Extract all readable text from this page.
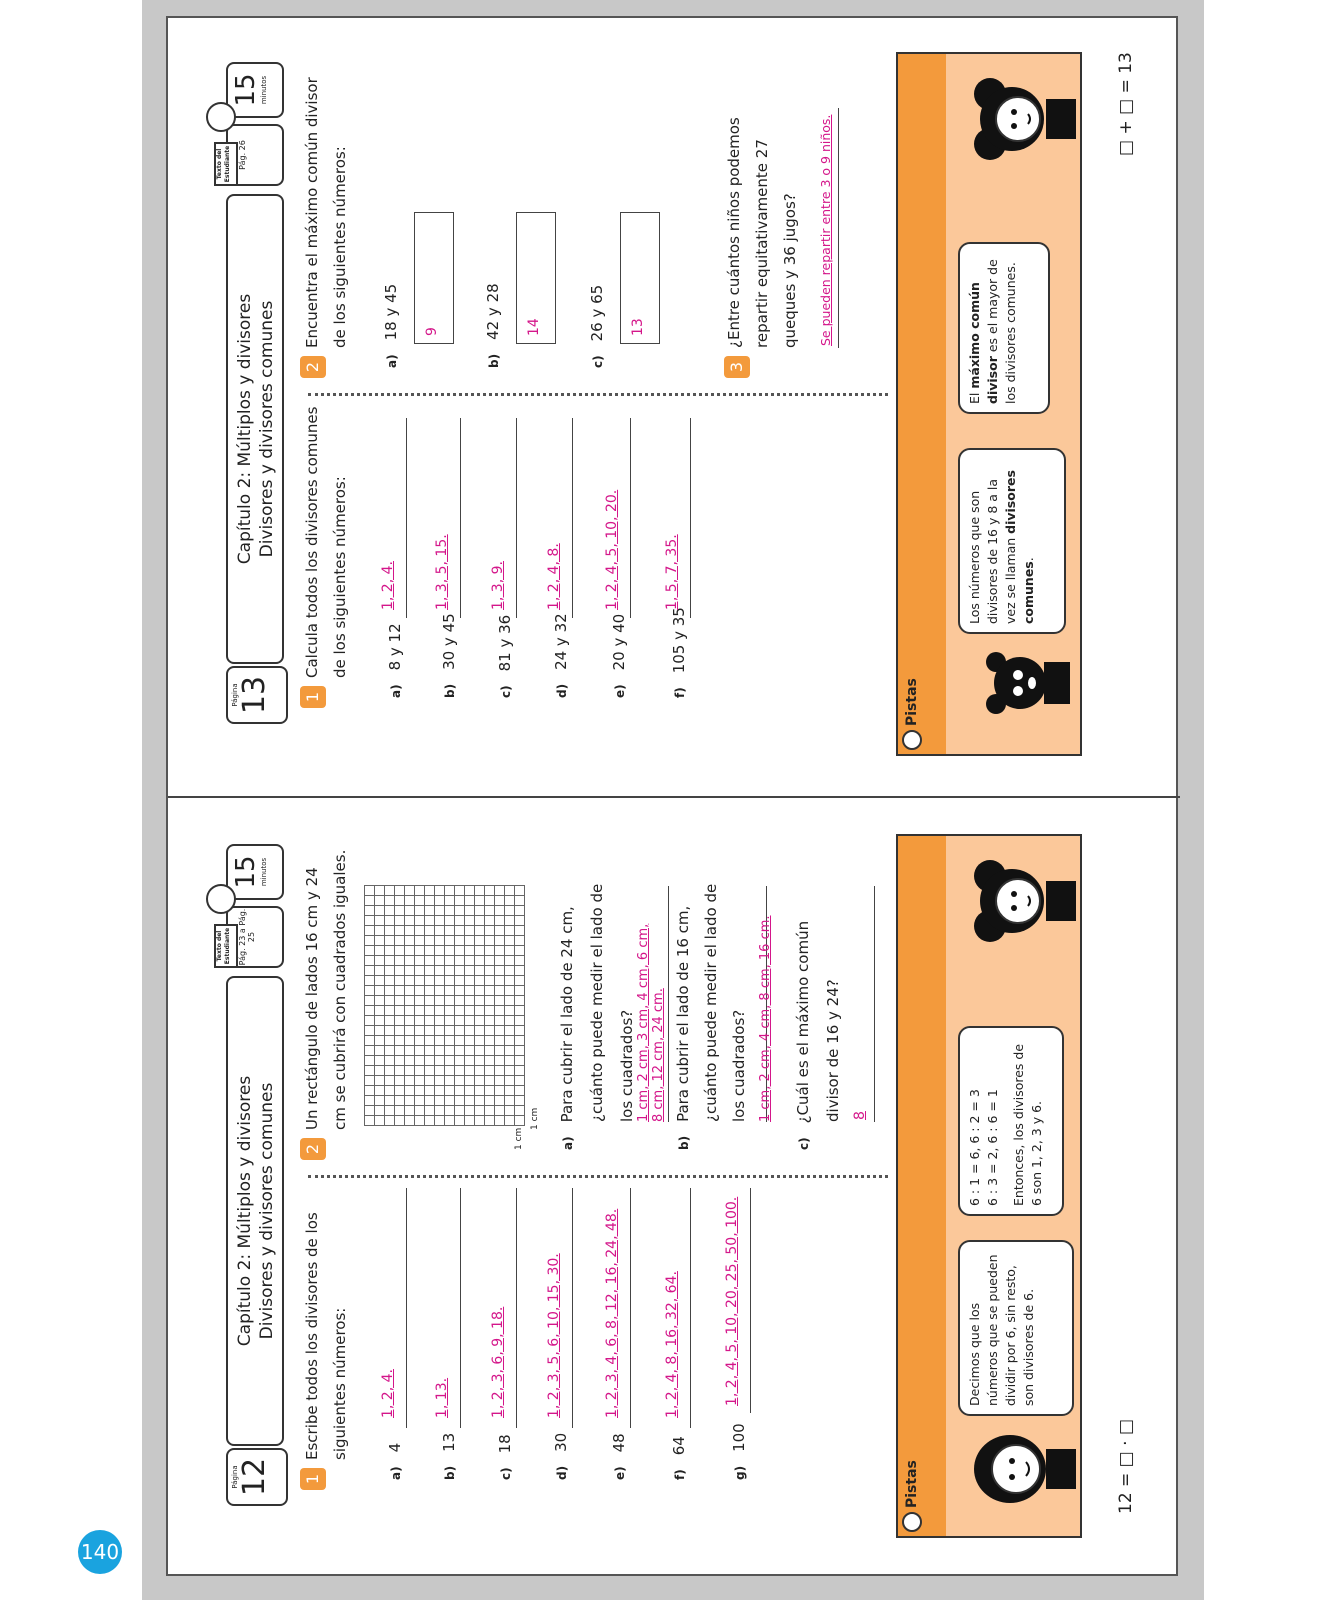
140
Página
12
Capítulo 2: Múltiplos y divisores Divisores y divisores comunes
Texto del Estudiante Pág. 23 a Pág. 25
15 minutos
1
Escribe todos los divisores de los siguientes números:
a)4
1, 2, 4.
b)13
1, 13.
c)18
1, 2, 3, 6, 9, 18.
d)30
1, 2, 3, 5, 6, 10, 15, 30.
e)48
1, 2, 3, 4, 6, 8, 12, 16, 24, 48.
f)64
1, 2, 4, 8, 16, 32, 64.
g)100
1, 2, 4, 5, 10, 20, 25, 50, 100.
2
Un rectángulo de lados 16 cm y 24 cm se cubrirá con cuadrados iguales.
1 cm
1 cm
a)Para cubrir el lado de 24 cm, ¿cuánto puede medir el lado de los cuadrados? 1 cm, 2 cm, 3 cm, 4 cm, 6 cm, 8 cm, 12 cm, 24 cm.
b)Para cubrir el lado de 16 cm, ¿cuánto puede medir el lado de los cuadrados? 1 cm, 2 cm, 4 cm, 8 cm, 16 cm.
c)¿Cuál es el máximo común divisor de 16 y 24? 8
Pistas
Decimos que los números que se pueden dividir por 6, sin resto, son divisores de 6.
6 : 1 = 6, 6 : 2 = 3 6 : 3 = 2, 6 : 6 = 1 Entonces, los divisores de 6 son 1, 2, 3 y 6.
12 = □ · □
Página
13
Capítulo 2: Múltiplos y divisores Divisores y divisores comunes
Texto del Estudiante Pág. 26
15 minutos
1
Calcula todos los divisores comunes de los siguientes números:
a)8 y 12
1, 2, 4.
b)30 y 45
1, 3, 5, 15.
c)81 y 36
1, 3, 9.
d)24 y 32
1, 2, 4, 8.
e)20 y 40
1, 2, 4, 5, 10, 20.
f)105 y 35
1, 5, 7, 35.
2
Encuentra el máximo común divisor de los siguientes números:
a)18 y 45 9
b)42 y 28 14
c)26 y 65 13
3
¿Entre cuántos niños podemos repartir equitativamente 27 queques y 36 jugos?	Se pueden repartir entre 3 o 9 niños.
Pistas
Los números que son divisores de 16 y 8 a la vez se llaman divisores comunes.
El máximo común divisor es el mayor de los divisores comunes.
□ + □ = 13
